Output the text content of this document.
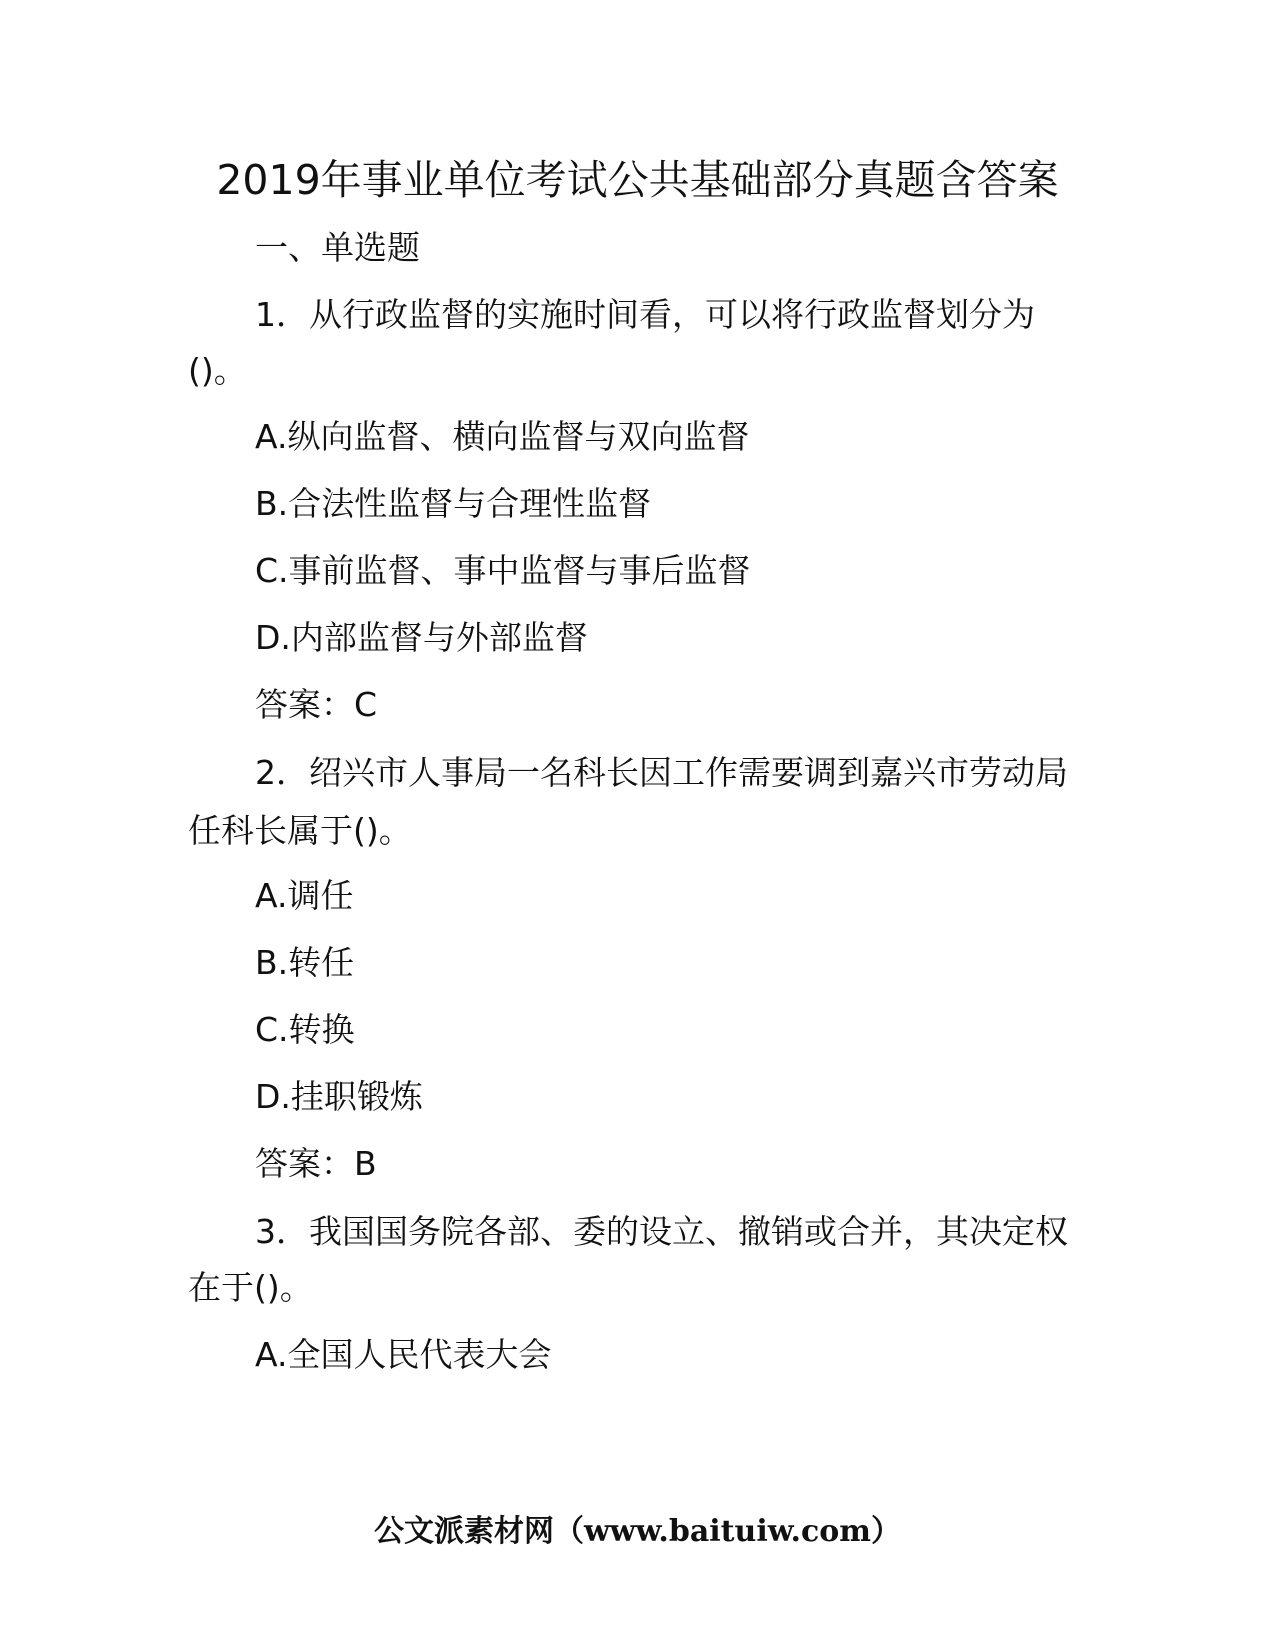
2019年事业单位考试公共基础部分真题含答案
一、单选题
1．从行政监督的实施时间看，可以将行政监督划分为
()。
A.纵向监督、横向监督与双向监督
B.合法性监督与合理性监督
C.事前监督、事中监督与事后监督
D.内部监督与外部监督
答案：C
2．绍兴市人事局一名科长因工作需要调到嘉兴市劳动局
任科长属于()。
A.调任
B.转任
C.转换
D.挂职锻炼
答案：B
3．我国国务院各部、委的设立、撤销或合并，其决定权
在于()。
A.全国人民代表大会
公文派素材网（www.baituiw.com）
